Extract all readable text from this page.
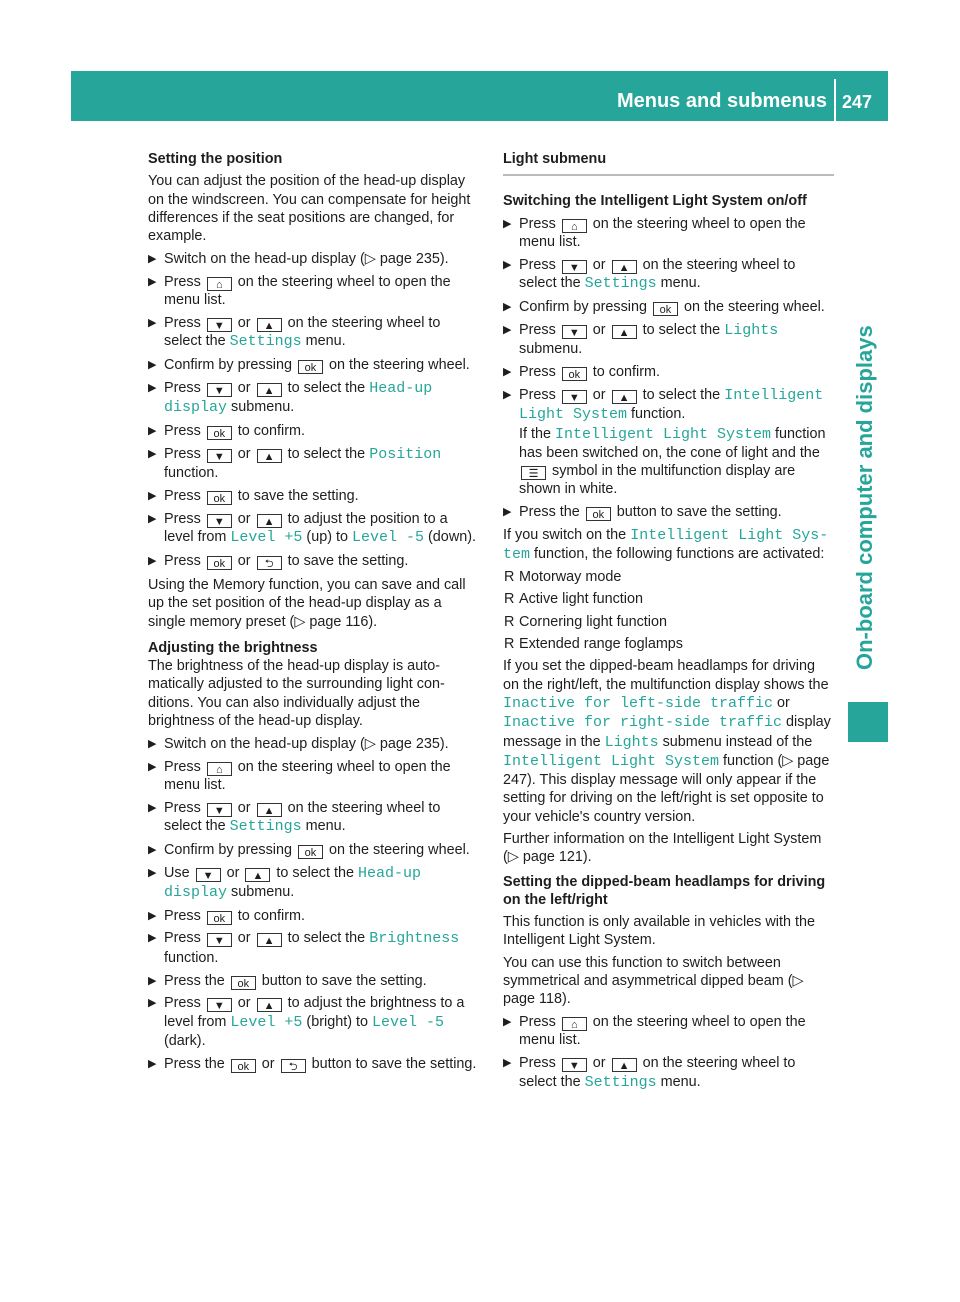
Menus and submenus 247
On-board computer and displays

Setting the position

You can adjust the position of the head-up display on the windscreen. You can compensate for height differences if the seat positions are changed, for example.

▶ Switch on the head-up display (▷ page 235).
▶ Press ⌂ on the steering wheel to open the menu list.
▶ Press ▼ or ▲ on the steering wheel to select the Settings menu.
▶ Confirm by pressing ok on the steering wheel.
▶ Press ▼ or ▲ to select the Head-up display submenu.
▶ Press ok to confirm.
▶ Press ▼ or ▲ to select the Position function.
▶ Press ok to save the setting.
▶ Press ▼ or ▲ to adjust the position to a level from Level +5 (up) to Level -5 (down).
▶ Press ok or ⮌ to save the setting.

Using the Memory function, you can save and call up the set position of the head-up display as a single memory preset (▷ page 116).

Adjusting the brightness

The brightness of the head-up display is automatically adjusted to the surrounding light conditions. You can also individually adjust the brightness of the head-up display.

▶ Switch on the head-up display (▷ page 235).
▶ Press ⌂ on the steering wheel to open the menu list.
▶ Press ▼ or ▲ on the steering wheel to select the Settings menu.
▶ Confirm by pressing ok on the steering wheel.
▶ Use ▼ or ▲ to select the Head-up display submenu.
▶ Press ok to confirm.
▶ Press ▼ or ▲ to select the Brightness function.
▶ Press the ok button to save the setting.
▶ Press ▼ or ▲ to adjust the brightness to a level from Level +5 (bright) to Level -5 (dark).
▶ Press the ok or ⮌ button to save the setting.

Light submenu

Switching the Intelligent Light System on/off

▶ Press ⌂ on the steering wheel to open the menu list.
▶ Press ▼ or ▲ on the steering wheel to select the Settings menu.
▶ Confirm by pressing ok on the steering wheel.
▶ Press ▼ or ▲ to select the Lights submenu.
▶ Press ok to confirm.
▶ Press ▼ or ▲ to select the Intelligent Light System function.
If the Intelligent Light System function has been switched on, the cone of light and the ☰ symbol in the multifunction display are shown in white.
▶ Press the ok button to save the setting.

If you switch on the Intelligent Light System function, the following functions are activated:

R Motorway mode
R Active light function
R Cornering light function
R Extended range foglamps

If you set the dipped-beam headlamps for driving on the right/left, the multifunction display shows the Inactive for left-side traffic or Inactive for right-side traffic display message in the Lights submenu instead of the Intelligent Light System function (▷ page 247). This display message will only appear if the setting for driving on the left/right is set opposite to your vehicle's country version.

Further information on the Intelligent Light System (▷ page 121).

Setting the dipped-beam headlamps for driving on the left/right

This function is only available in vehicles with the Intelligent Light System.

You can use this function to switch between symmetrical and asymmetrical dipped beam (▷ page 118).

▶ Press ⌂ on the steering wheel to open the menu list.
▶ Press ▼ or ▲ on the steering wheel to select the Settings menu.
